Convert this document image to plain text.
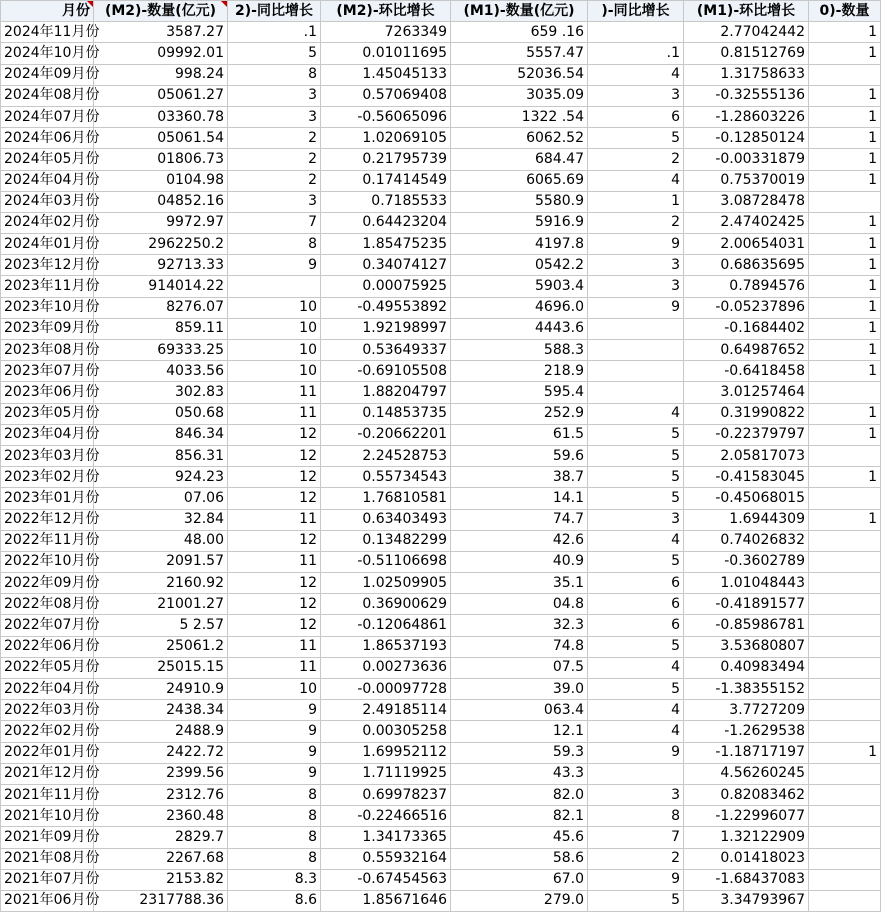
月份	(M2)-数量(亿元)	2)-同比增长	(M2)-环比增长	(M1)-数量(亿元)	)-同比增长	(M1)-环比增长	0)-数量
2024年11月份	3587.27	.1	7263349	659 .16		2.77042442	1
2024年10月份	09992.01	5	0.01011695	5557.47	.1	0.81512769	1
2024年09月份	998.24	8	1.45045133	52036.54	4	1.31758633	
2024年08月份	05061.27	3	0.57069408	3035.09	3	-0.32555136	1
2024年07月份	03360.78	3	-0.56065096	1322 .54	6	-1.28603226	1
2024年06月份	05061.54	2	1.02069105	6062.52	5	-0.12850124	1
2024年05月份	01806.73	2	0.21795739	684.47	2	-0.00331879	1
2024年04月份	0104.98	2	0.17414549	6065.69	4	0.75370019	1
2024年03月份	04852.16	3	0.7185533	5580.9	1	3.08728478	
2024年02月份	9972.97	7	0.64423204	5916.9	2	2.47402425	1
2024年01月份	2962250.2	8	1.85475235	4197.8	9	2.00654031	1
2023年12月份	92713.33	9	0.34074127	0542.2	3	0.68635695	1
2023年11月份	914014.22		0.00075925	5903.4	3	0.7894576	1
2023年10月份	8276.07	10	-0.49553892	4696.0	9	-0.05237896	1
2023年09月份	859.11	10	1.92198997	4443.6		-0.1684402	1
2023年08月份	69333.25	10	0.53649337	588.3		0.64987652	1
2023年07月份	4033.56	10	-0.69105508	218.9		-0.6418458	1
2023年06月份	302.83	11	1.88204797	595.4		3.01257464	
2023年05月份	050.68	11	0.14853735	252.9	4	0.31990822	1
2023年04月份	846.34	12	-0.20662201	61.5	5	-0.22379797	1
2023年03月份	856.31	12	2.24528753	59.6	5	2.05817073	
2023年02月份	924.23	12	0.55734543	38.7	5	-0.41583045	1
2023年01月份	07.06	12	1.76810581	14.1	5	-0.45068015	
2022年12月份	32.84	11	0.63403493	74.7	3	1.6944309	1
2022年11月份	48.00	12	0.13482299	42.6	4	0.74026832	
2022年10月份	2091.57	11	-0.51106698	40.9	5	-0.3602789	
2022年09月份	2160.92	12	1.02509905	35.1	6	1.01048443	
2022年08月份	21001.27	12	0.36900629	04.8	6	-0.41891577	
2022年07月份	5 2.57	12	-0.12064861	32.3	6	-0.85986781	
2022年06月份	25061.2	11	1.86537193	74.8	5	3.53680807	
2022年05月份	25015.15	11	0.00273636	07.5	4	0.40983494	
2022年04月份	24910.9	10	-0.00097728	39.0	5	-1.38355152	
2022年03月份	2438.34	9	2.49185114	063.4	4	3.7727209	
2022年02月份	2488.9	9	0.00305258	12.1	4	-1.2629538	
2022年01月份	2422.72	9	1.69952112	59.3	9	-1.18717197	1
2021年12月份	2399.56	9	1.71119925	43.3		4.56260245	
2021年11月份	2312.76	8	0.69978237	82.0	3	0.82083462	
2021年10月份	2360.48	8	-0.22466516	82.1	8	-1.22996077	
2021年09月份	2829.7	8	1.34173365	45.6	7	1.32122909	
2021年08月份	2267.68	8	0.55932164	58.6	2	0.01418023	
2021年07月份	2153.82	8.3	-0.67454563	67.0	9	-1.68437083	
2021年06月份	2317788.36	8.6	1.85671646	279.0	5	3.34793967	
